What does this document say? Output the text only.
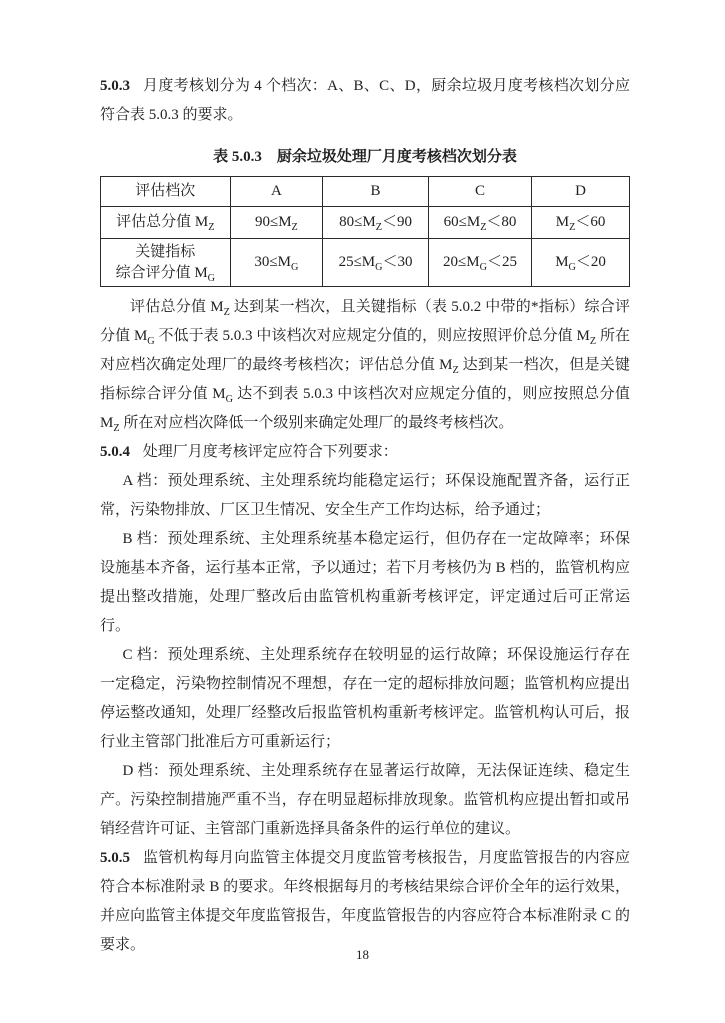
5.0.3 月度考核划分为 4 个档次：A、B、C、D，厨余垃圾月度考核档次划分应符合表 5.0.3 的要求。

表 5.0.3　厨余垃圾处理厂月度考核档次划分表
评估档次	A	B	C	D
评估总分值 $M_Z$	$90\le M_Z$	$80\le M_Z<90$	$60\le M_Z<80$	$M_Z<60$
关键指标
综合评分值 $M_G$	$30\le M_G$	$25\le M_G<30$	$20\le M_G<25$	$M_G<20$

评估总分值 $M_Z$ 达到某一档次，且关键指标（表 5.0.2 中带的*指标）综合评分值 $M_G$ 不低于表 5.0.3 中该档次对应规定分值的，则应按照评价总分值 $M_Z$ 所在对应档次确定处理厂的最终考核档次；评估总分值 $M_Z$ 达到某一档次，但是关键指标综合评分值 $M_G$ 达不到表 5.0.3 中该档次对应规定分值的，则应按照总分值 $M_Z$ 所在对应档次降低一个级别来确定处理厂的最终考核档次。

5.0.4 处理厂月度考核评定应符合下列要求：

A 档：预处理系统、主处理系统均能稳定运行；环保设施配置齐备，运行正常，污染物排放、厂区卫生情况、安全生产工作均达标，给予通过；

B 档：预处理系统、主处理系统基本稳定运行，但仍存在一定故障率；环保设施基本齐备，运行基本正常，予以通过；若下月考核仍为 B 档的，监管机构应提出整改措施，处理厂整改后由监管机构重新考核评定，评定通过后可正常运行。

C 档：预处理系统、主处理系统存在较明显的运行故障；环保设施运行存在一定稳定，污染物控制情况不理想，存在一定的超标排放问题；监管机构应提出停运整改通知，处理厂经整改后报监管机构重新考核评定。监管机构认可后，报行业主管部门批准后方可重新运行；

D 档：预处理系统、主处理系统存在显著运行故障，无法保证连续、稳定生产。污染控制措施严重不当，存在明显超标排放现象。监管机构应提出暂扣或吊销经营许可证、主管部门重新选择具备条件的运行单位的建议。

5.0.5 监管机构每月向监管主体提交月度监管考核报告，月度监管报告的内容应符合本标准附录 B 的要求。年终根据每月的考核结果综合评价全年的运行效果，并应向监管主体提交年度监管报告，年度监管报告的内容应符合本标准附录 C 的要求。

18
